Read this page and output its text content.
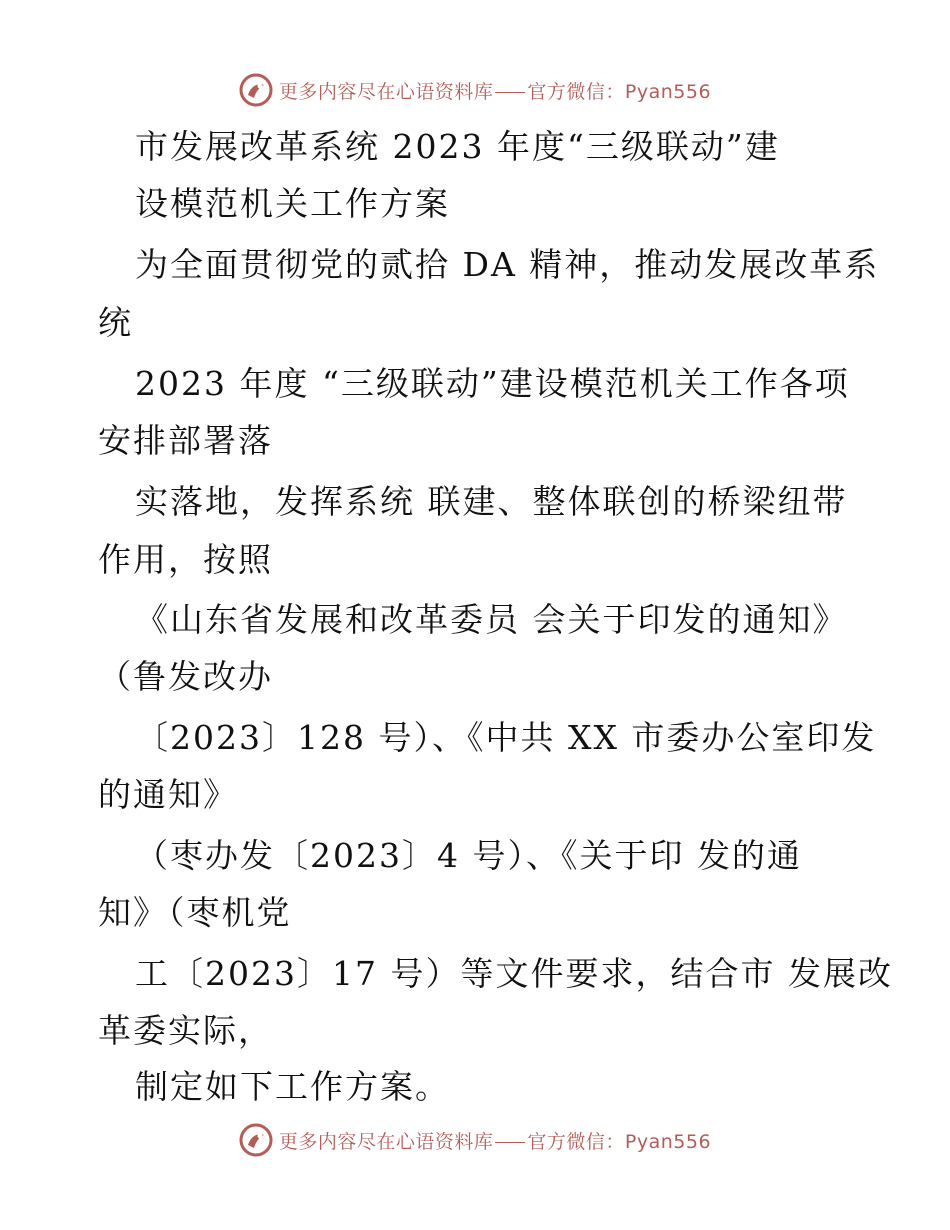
更多内容尽在心语资料库 官方微信：Pyan556
市发展改革系统 2023 年度“三级联动”建
设模范机关工作方案
为全面贯彻党的贰拾 DA 精神，推动发展改革系
统
2023 年度 “三级联动”建设模范机关工作各项
安排部署落
实落地，发挥系统 联建、整体联创的桥梁纽带
作用，按照
《山东省发展和改革委员 会关于印发的通知》
（鲁发改办
〔2023〕128 号）、《中共 XX 市委办公室印发
的通知》
（枣办发〔2023〕4 号）、《关于印 发的通
知》（枣机党
工〔2023〕17 号）等文件要求，结合市 发展改
革委实际，
制定如下工作方案。
更多内容尽在心语资料库 官方微信：Pyan556
